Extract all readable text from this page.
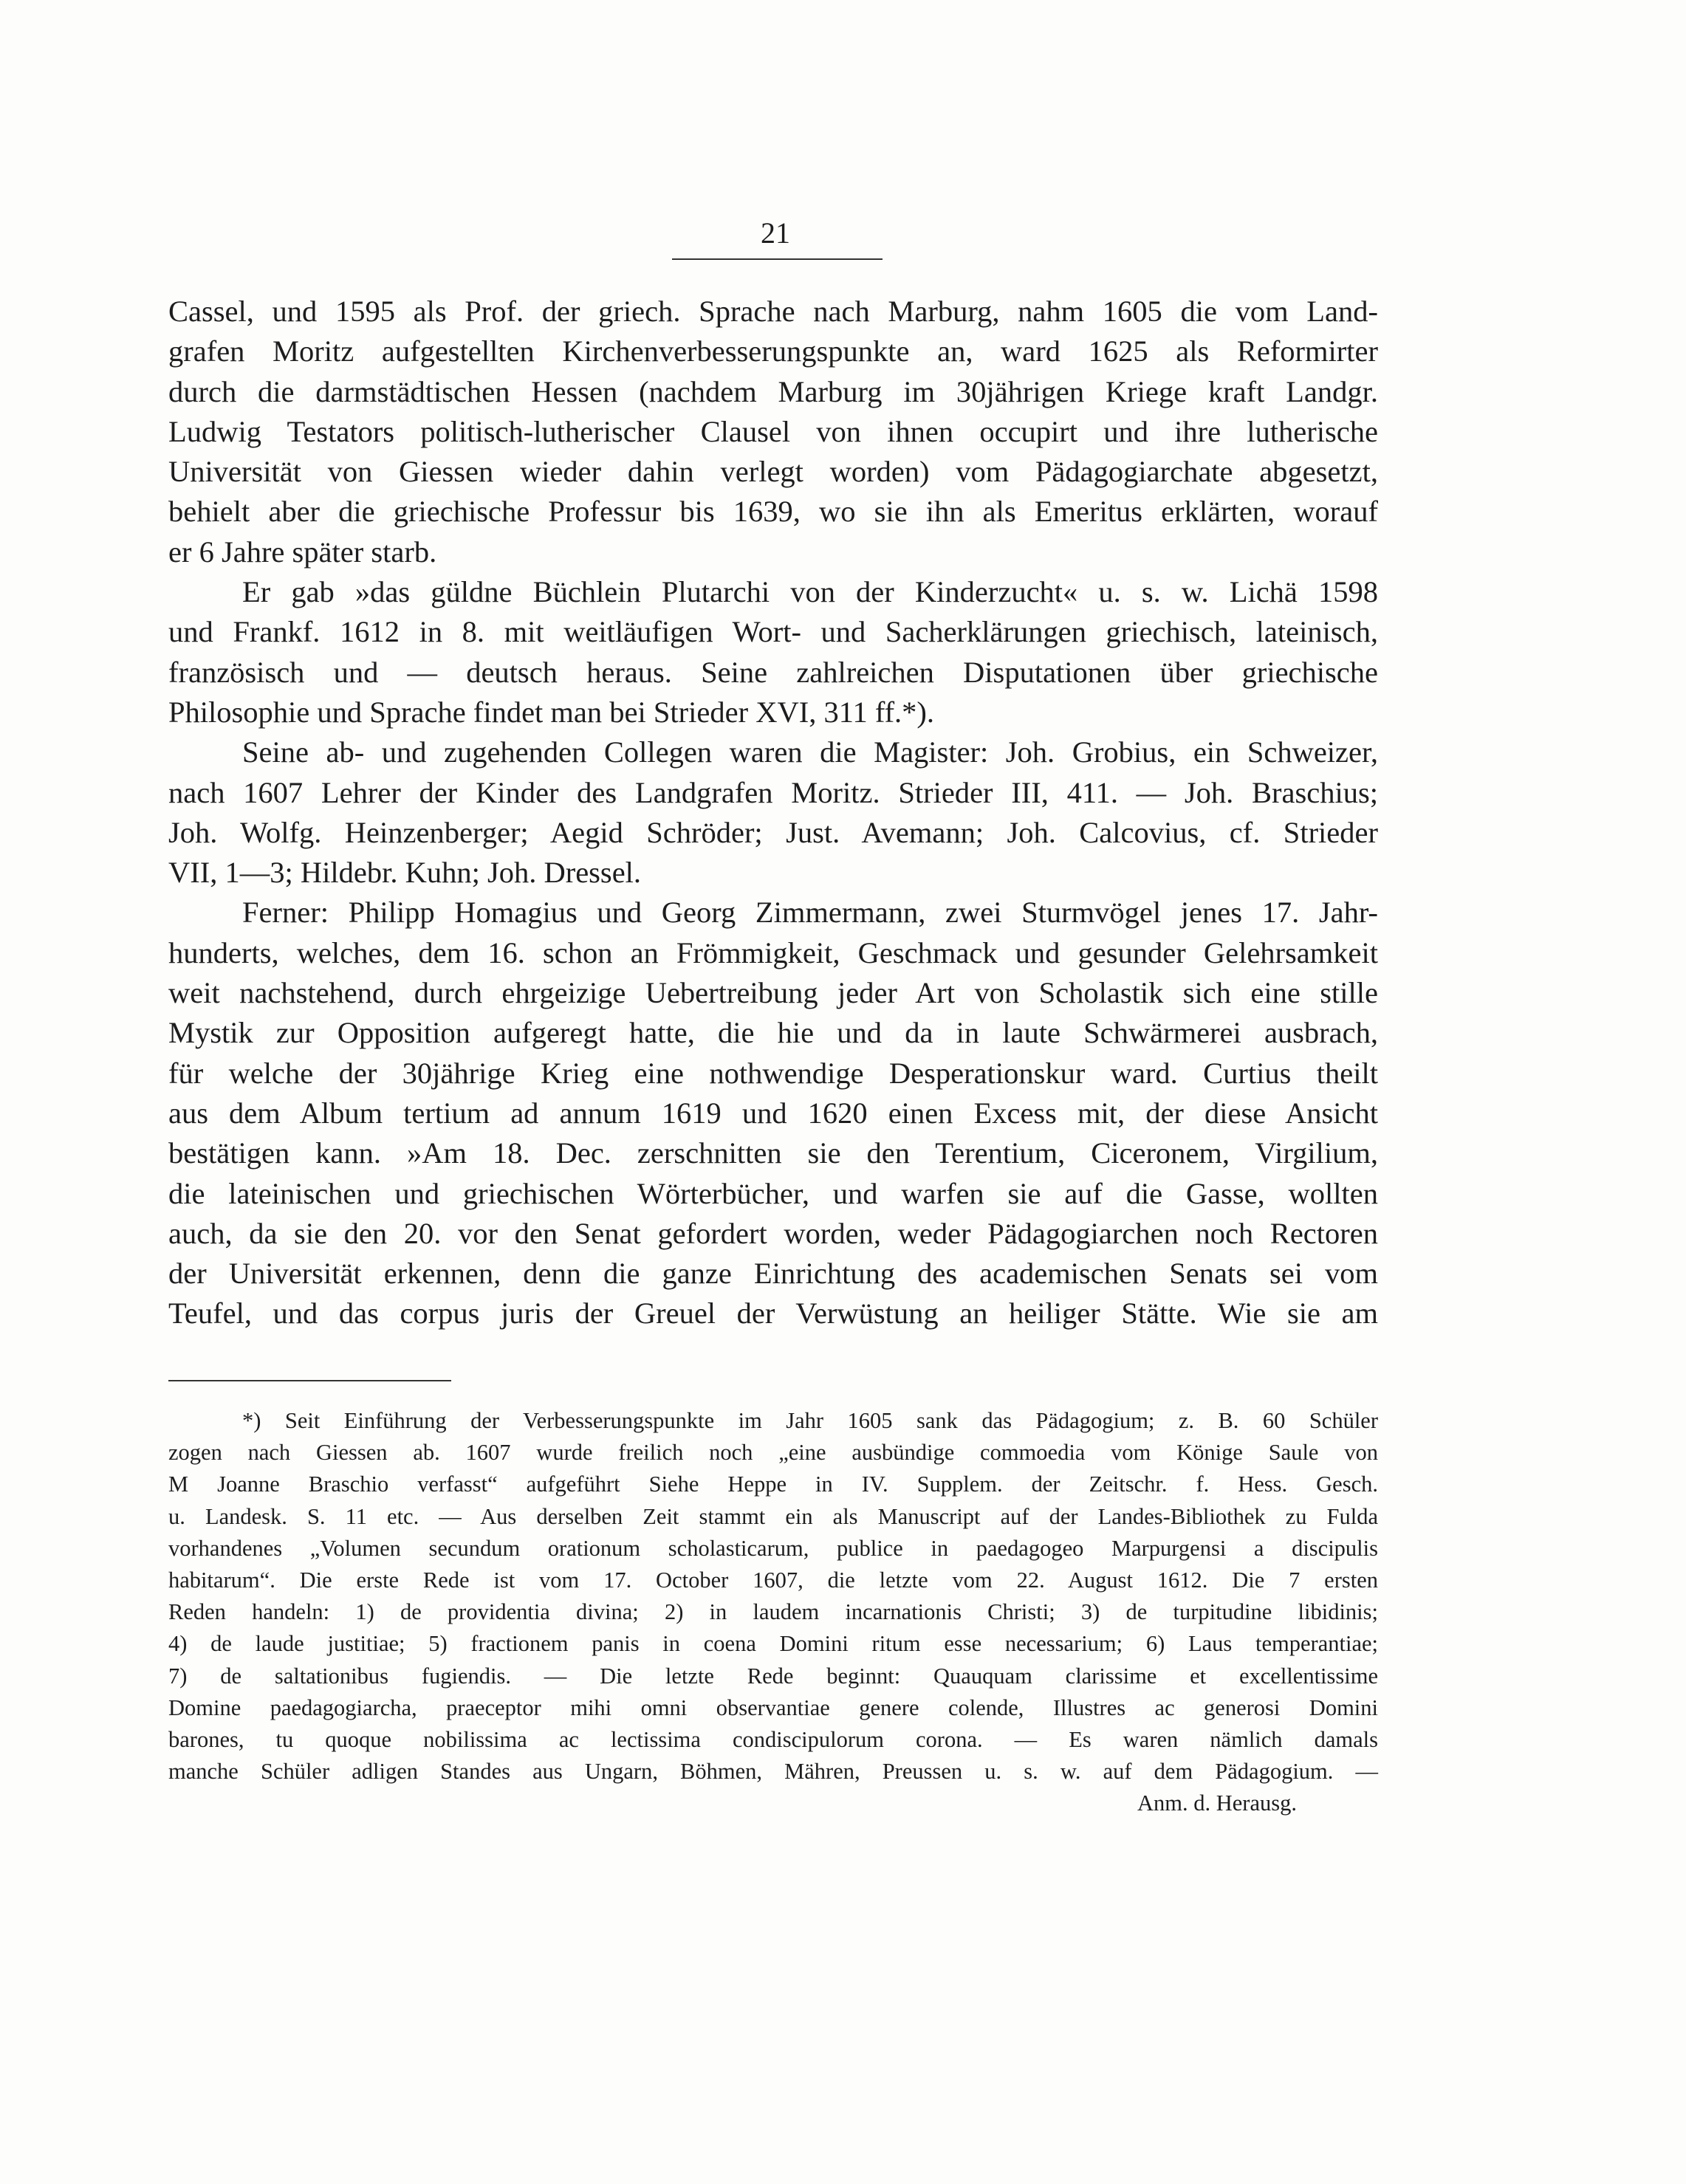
21

Cassel, und 1595 als Prof. der griech. Sprache nach Marburg, nahm 1605 die vom Land-

grafen Moritz aufgestellten Kirchenverbesserungspunkte an, ward 1625 als Reformirter

durch die darmstädtischen Hessen (nachdem Marburg im 30jährigen Kriege kraft Landgr.

Ludwig Testators politisch-lutherischer Clausel von ihnen occupirt und ihre lutherische

Universität von Giessen wieder dahin verlegt worden) vom Pädagogiarchate abgesetzt,

behielt aber die griechische Professur bis 1639, wo sie ihn als Emeritus erklärten, worauf

er 6 Jahre später starb.

Er gab »das güldne Büchlein Plutarchi von der Kinderzucht« u. s. w. Lichä 1598

und Frankf. 1612 in 8. mit weitläufigen Wort- und Sacherklärungen griechisch, lateinisch,

französisch und — deutsch heraus. Seine zahlreichen Disputationen über griechische

Philosophie und Sprache findet man bei Strieder XVI, 311 ff.*).

Seine ab- und zugehenden Collegen waren die Magister: Joh. Grobius, ein Schweizer,

nach 1607 Lehrer der Kinder des Landgrafen Moritz. Strieder III, 411. — Joh. Braschius;

Joh. Wolfg. Heinzenberger; Aegid Schröder; Just. Avemann; Joh. Calcovius, cf. Strieder

VII, 1—3; Hildebr. Kuhn; Joh. Dressel.

Ferner: Philipp Homagius und Georg Zimmermann, zwei Sturmvögel jenes 17. Jahr-

hunderts, welches, dem 16. schon an Frömmigkeit, Geschmack und gesunder Gelehrsamkeit

weit nachstehend, durch ehrgeizige Uebertreibung jeder Art von Scholastik sich eine stille

Mystik zur Opposition aufgeregt hatte, die hie und da in laute Schwärmerei ausbrach,

für welche der 30jährige Krieg eine nothwendige Desperationskur ward. Curtius theilt

aus dem Album tertium ad annum 1619 und 1620 einen Excess mit, der diese Ansicht

bestätigen kann. »Am 18. Dec. zerschnitten sie den Terentium, Ciceronem, Virgilium,

die lateinischen und griechischen Wörterbücher, und warfen sie auf die Gasse, wollten

auch, da sie den 20. vor den Senat gefordert worden, weder Pädagogiarchen noch Rectoren

der Universität erkennen, denn die ganze Einrichtung des academischen Senats sei vom

Teufel, und das corpus juris der Greuel der Verwüstung an heiliger Stätte. Wie sie am

*) Seit Einführung der Verbesserungspunkte im Jahr 1605 sank das Pädagogium; z. B. 60 Schüler

zogen nach Giessen ab. 1607 wurde freilich noch „eine ausbündige commoedia vom Könige Saule von

M Joanne Braschio verfasst“ aufgeführt Siehe Heppe in IV. Supplem. der Zeitschr. f. Hess. Gesch.

u. Landesk. S. 11 etc. — Aus derselben Zeit stammt ein als Manuscript auf der Landes-Bibliothek zu Fulda

vorhandenes „Volumen secundum orationum scholasticarum, publice in paedagogeo Marpurgensi a discipulis

habitarum“. Die erste Rede ist vom 17. October 1607, die letzte vom 22. August 1612. Die 7 ersten

Reden handeln: 1) de providentia divina; 2) in laudem incarnationis Christi; 3) de turpitudine libidinis;

4) de laude justitiae; 5) fractionem panis in coena Domini ritum esse necessarium; 6) Laus temperantiae;

7) de saltationibus fugiendis. — Die letzte Rede beginnt: Quauquam clarissime et excellentissime

Domine paedagogiarcha, praeceptor mihi omni observantiae genere colende, Illustres ac generosi Domini

barones, tu quoque nobilissima ac lectissima condiscipulorum corona. — Es waren nämlich damals

manche Schüler adligen Standes aus Ungarn, Böhmen, Mähren, Preussen u. s. w. auf dem Pädagogium. —

Anm. d. Herausg.
